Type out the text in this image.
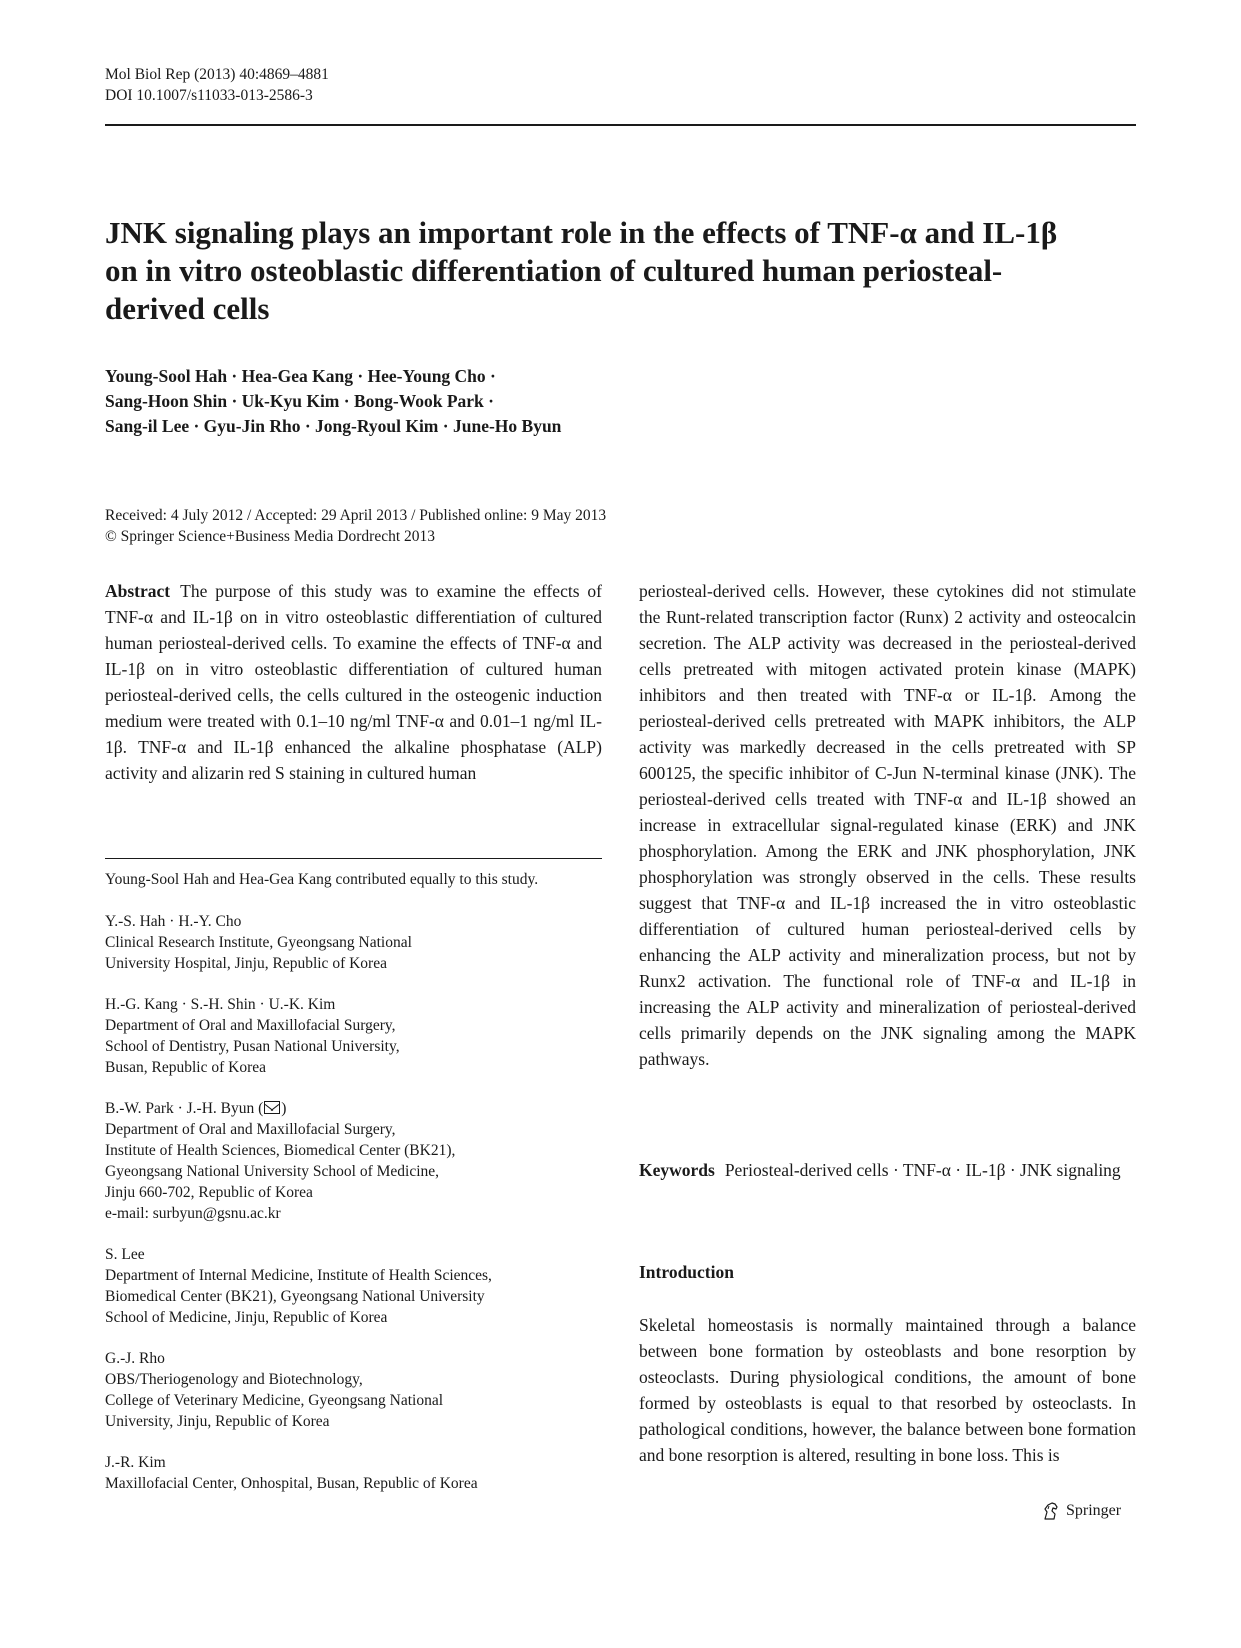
Mol Biol Rep (2013) 40:4869–4881
DOI 10.1007/s11033-013-2586-3
JNK signaling plays an important role in the effects of TNF-α and IL-1β on in vitro osteoblastic differentiation of cultured human periosteal-derived cells
Young-Sool Hah · Hea-Gea Kang · Hee-Young Cho ·
Sang-Hoon Shin · Uk-Kyu Kim · Bong-Wook Park ·
Sang-il Lee · Gyu-Jin Rho · Jong-Ryoul Kim · June-Ho Byun
Received: 4 July 2012 / Accepted: 29 April 2013 / Published online: 9 May 2013
© Springer Science+Business Media Dordrecht 2013

Abstract The purpose of this study was to examine the effects of TNF-α and IL-1β on in vitro osteoblastic differentiation of cultured human periosteal-derived cells. To examine the effects of TNF-α and IL-1β on in vitro osteoblastic differentiation of cultured human periosteal-derived cells, the cells cultured in the osteogenic induction medium were treated with 0.1–10 ng/ml TNF-α and 0.01–1 ng/ml IL-1β. TNF-α and IL-1β enhanced the alkaline phosphatase (ALP) activity and alizarin red S staining in cultured human

Young-Sool Hah and Hea-Gea Kang contributed equally to this study.
Y.-S. Hah · H.-Y. Cho
Clinical Research Institute, Gyeongsang National
University Hospital, Jinju, Republic of Korea
H.-G. Kang · S.-H. Shin · U.-K. Kim
Department of Oral and Maxillofacial Surgery,
School of Dentistry, Pusan National University,
Busan, Republic of Korea
B.-W. Park · J.-H. Byun ( )
Department of Oral and Maxillofacial Surgery,
Institute of Health Sciences, Biomedical Center (BK21),
Gyeongsang National University School of Medicine,
Jinju 660-702, Republic of Korea
e-mail: surbyun@gsnu.ac.kr
S. Lee
Department of Internal Medicine, Institute of Health Sciences,
Biomedical Center (BK21), Gyeongsang National University
School of Medicine, Jinju, Republic of Korea
G.-J. Rho
OBS/Theriogenology and Biotechnology,
College of Veterinary Medicine, Gyeongsang National
University, Jinju, Republic of Korea
J.-R. Kim
Maxillofacial Center, Onhospital, Busan, Republic of Korea

periosteal-derived cells. However, these cytokines did not stimulate the Runt-related transcription factor (Runx) 2 activity and osteocalcin secretion. The ALP activity was decreased in the periosteal-derived cells pretreated with mitogen activated protein kinase (MAPK) inhibitors and then treated with TNF-α or IL-1β. Among the periosteal-derived cells pretreated with MAPK inhibitors, the ALP activity was markedly decreased in the cells pretreated with SP 600125, the specific inhibitor of C-Jun N-terminal kinase (JNK). The periosteal-derived cells treated with TNF-α and IL-1β showed an increase in extracellular signal-regulated kinase (ERK) and JNK phosphorylation. Among the ERK and JNK phosphorylation, JNK phosphorylation was strongly observed in the cells. These results suggest that TNF-α and IL-1β increased the in vitro osteoblastic differentiation of cultured human periosteal-derived cells by enhancing the ALP activity and mineralization process, but not by Runx2 activation. The functional role of TNF-α and IL-1β in increasing the ALP activity and mineralization of periosteal-derived cells primarily depends on the JNK signaling among the MAPK pathways.

Keywords Periosteal-derived cells · TNF-α · IL-1β · JNK signaling

Introduction

Skeletal homeostasis is normally maintained through a balance between bone formation by osteoblasts and bone resorption by osteoclasts. During physiological conditions, the amount of bone formed by osteoblasts is equal to that resorbed by osteoclasts. In pathological conditions, however, the balance between bone formation and bone resorption is altered, resulting in bone loss. This is

Springer
